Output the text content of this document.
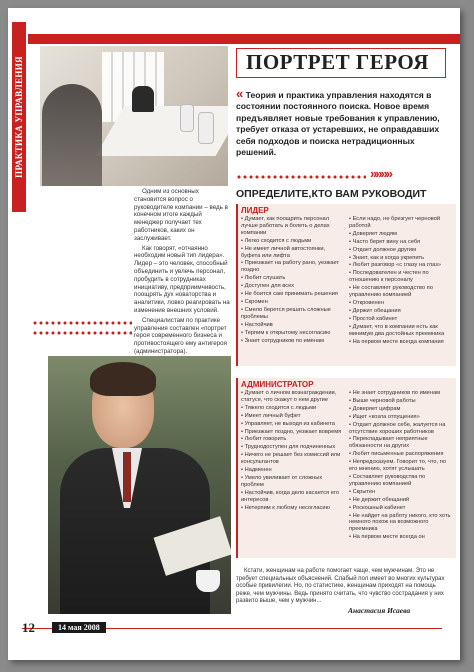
ПРАКТИКА УПРАВЛЕНИЯ	ПОРТРЕТ ГЕРОЯ
« Теория и практика управления находятся в состоянии постоянного поиска. Новое время предъявляет новые требования к управлению, требует отказа от устаревших, не оправдавших себя подходов и поиска нетрадиционных решений.
»»»»

Одним из основных становится вопрос о руководителе компании – ведь в конечном итоге каждый менеджер получает тех работников, каких он заслуживает.

Как говорят, «отчаянно необходим новый тип лидера». Лидер – это человек, способный объединить и увлечь персонал, пробудить в сотрудниках инициативу, предприимчивость, поощрять дух новаторства и аналитики, ловко реагировать на изменение внешних условий.

Специалистам по практике управления составлен «портрет героя современного бизнеса и противостоящего ему антигероя (администратора).

ОПРЕДЕЛИТЕ,КТО ВАМ РУКОВОДИТ
ЛИДЕР
• Думает, как поощрить персонал лучше работать и болеть о делах компании
• Легко сходится с людьми
• Не имеет личной автостоянки, буфета или лифта
• Приезжает на работу рано, уезжает поздно
• Любит слушать
• Доступен для всех
• Не боится сам принимать решения
• Скромен
• Смело берется решать сложные проблемы
• Настойчив
• Терпим к открытому несогласию
• Знает сотрудников по именам
• Если надо, не брезгует черновой работой
• Доверяет людям
• Часто берет вину на себя
• Отдает должное другим
• Знает, как и когда укрепить
• Любит разговор «с глазу на глаз»
• Последователен и честен по отношению к персоналу
• Не составляет руководство по управлению компанией
• Откровенен
• Держит обещания
• Простой кабинет
• Думает, что в компании есть как минимум два достойных преемника
• На первом месте всегда компания
АДМИНИСТРАТОР
• Думает о личном вознаграждении, статусе, что скажут о нем другие
• Тяжело сходится с людьми
• Имеет личный буфет
• Управляет, не выходя из кабинета
• Приезжает поздно, уезжает вовремя
• Любит говорить
• Труднодоступен для подчиненных
• Ничего не решает без комиссий или консультантов
• Надменен
• Умело увиливает от сложных проблем
• Настойчив, когда дело касается его интересов
• Нетерпим к любому несогласию
• Не знает сотрудников по именам
• Выше черновой работы
• Доверяет цифрам
• Ищет «козла отпущения»
• Отдает должное себе, жалуется на отсутствие хороших работников
• Перекладывает неприятные обязанности на других
• Любит письменные распоряжения
• Непредсказуем. Говорит то, что, по его мнению, хотят услышать
• Составляет руководства по управлению компанией
• Скрытен
• Не держит обещаний
• Роскошный кабинет
• Не найдет на работу никого, кто хоть немного похож на возможного преемника
• На первом месте всегда он

Кстати, женщинам на работе помогает чаще, чем мужчинам. Это не требует специальных объяснений. Слабый пол имеет во многих культурах особые привилегии. Но, по статистике, женщинам приходят на помощь реже, чем мужчины. Ведь принято считать, что чувство сострадания у них развито выше, чем у мужчин...

Анастасия Исаева
12	14 мая 2008
